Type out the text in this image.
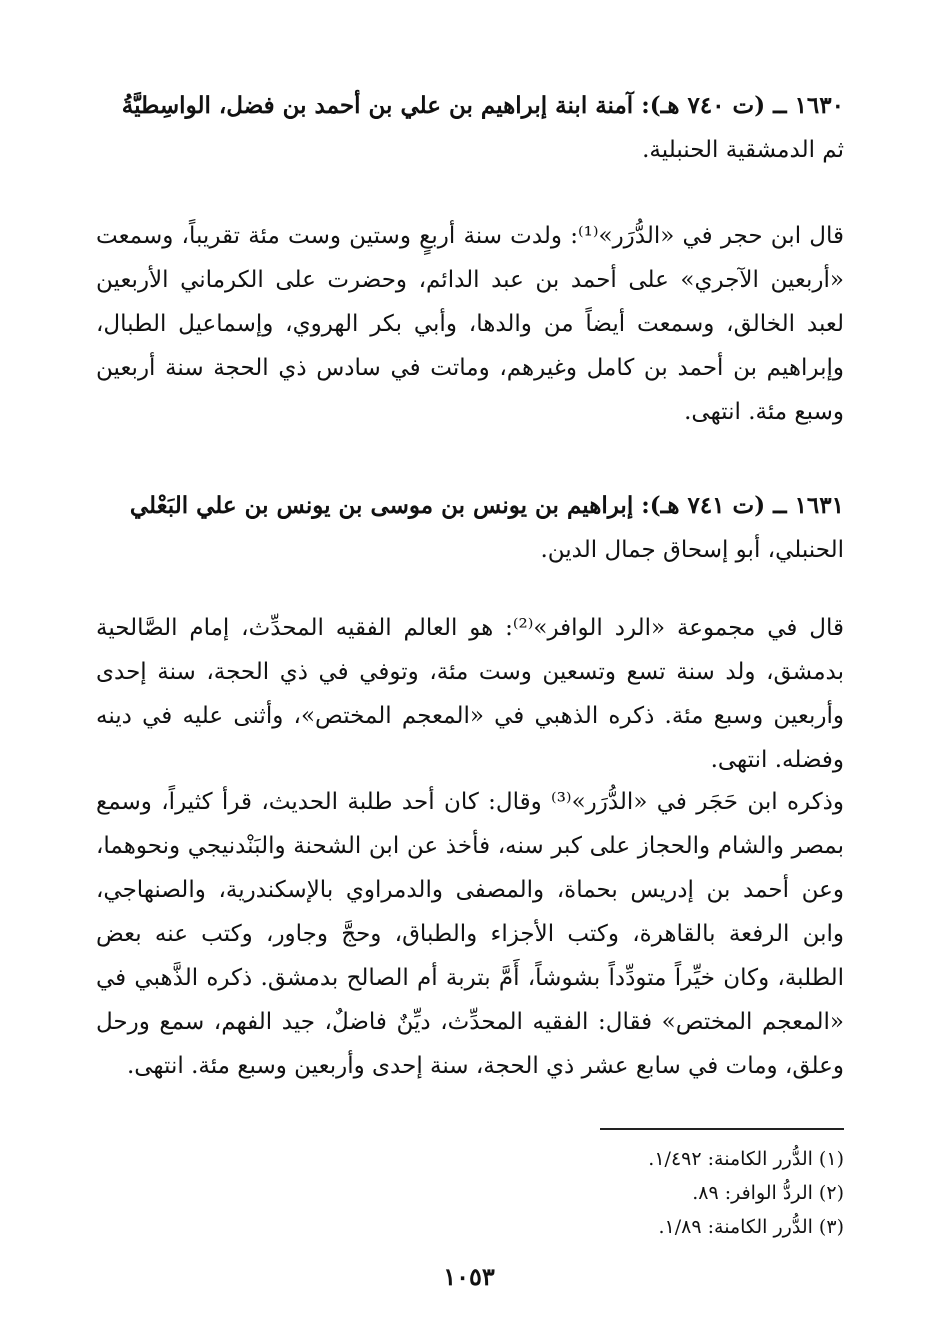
١٦٣٠ ــ (ت ٧٤٠ هـ): آمنة ابنة إبراهيم بن علي بن أحمد بن فضل، الواسِطيَّةُ
ثم الدمشقية الحنبلية.

قال ابن حجر في «الدُّرَر»⁽¹⁾: ولدت سنة أربعٍ وستين وست مئة تقريباً، وسمعت «أربعين الآجري» على أحمد بن عبد الدائم، وحضرت على الكرماني الأربعين لعبد الخالق، وسمعت أيضاً من والدها، وأبي بكر الهروي، وإسماعيل الطبال، وإبراهيم بن أحمد بن كامل وغيرهم، وماتت في سادس ذي الحجة سنة أربعين وسبع مئة. انتهى.

١٦٣١ ــ (ت ٧٤١ هـ): إبراهيم بن يونس بن موسى بن يونس بن علي البَعْلي
الحنبلي، أبو إسحاق جمال الدين.

قال في مجموعة «الرد الوافر»⁽²⁾: هو العالم الفقيه المحدِّث، إمام الصَّالحية بدمشق، ولد سنة تسع وتسعين وست مئة، وتوفي في ذي الحجة، سنة إحدى وأربعين وسبع مئة. ذكره الذهبي في «المعجم المختص»، وأثنى عليه في دينه وفضله. انتهى.

وذكره ابن حَجَر في «الدُّرَر»⁽³⁾ وقال: كان أحد طلبة الحديث، قرأ كثيراً، وسمع بمصر والشام والحجاز على كبر سنه، فأخذ عن ابن الشحنة والبَنْدنيجي ونحوهما، وعن أحمد بن إدريس بحماة، والمصفى والدمراوي بالإسكندرية، والصنهاجي، وابن الرفعة بالقاهرة، وكتب الأجزاء والطباق، وحجَّ وجاور، وكتب عنه بعض الطلبة، وكان خيِّراً متودِّداً بشوشاً، أَمَّ بتربة أم الصالح بدمشق. ذكره الذَّهبي في «المعجم المختص» فقال: الفقيه المحدِّث، ديِّنٌ فاضلٌ، جيد الفهم، سمع ورحل وعلق، ومات في سابع عشر ذي الحجة، سنة إحدى وأربعين وسبع مئة. انتهى.

(١) الدُّرر الكامنة: ١/٤٩٢.
(٢) الردُّ الوافر: ٨٩.
(٣) الدُّرر الكامنة: ١/٨٩.
١٠٥٣
